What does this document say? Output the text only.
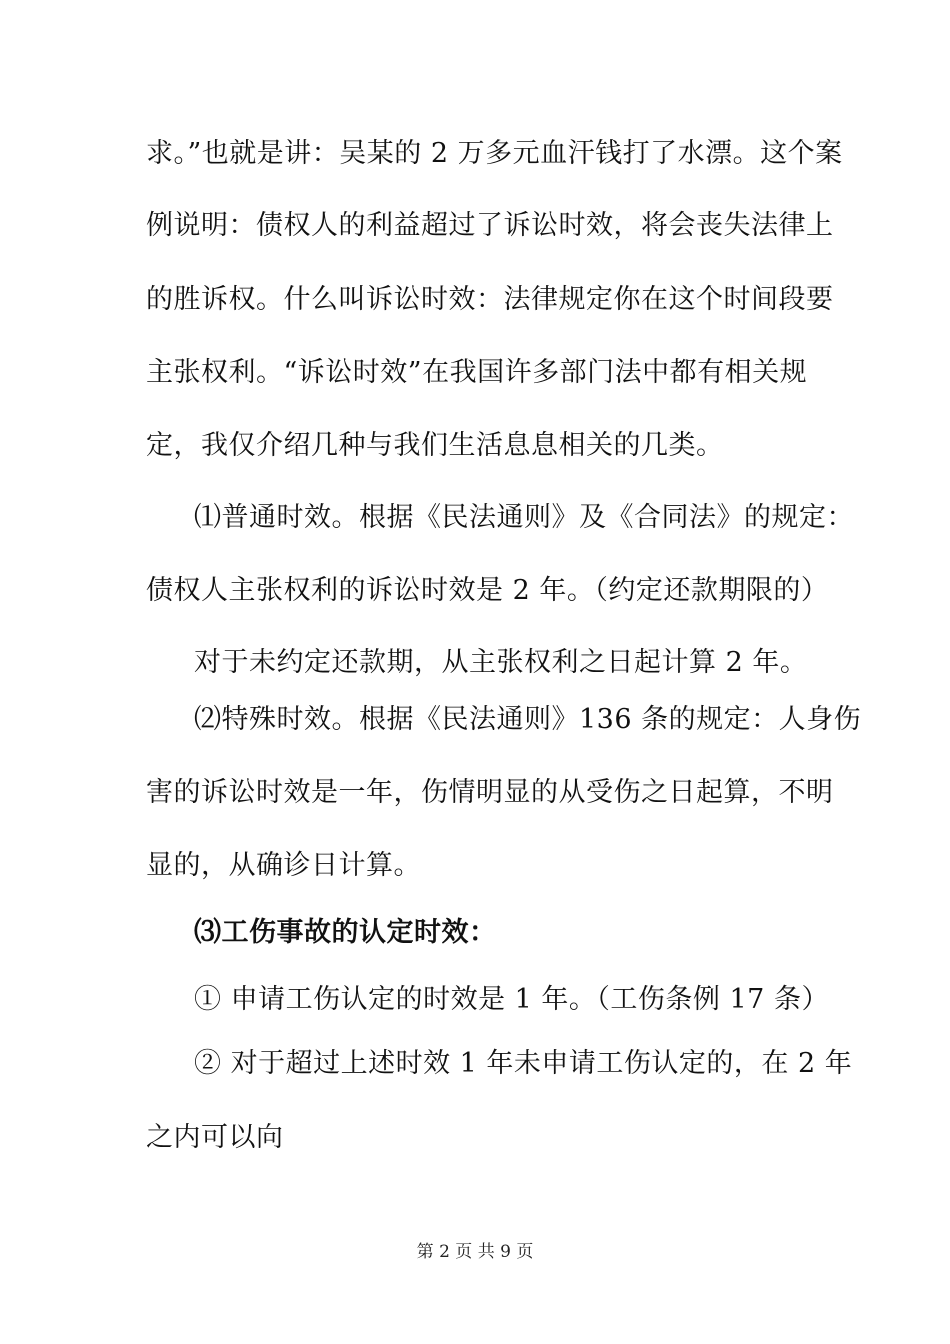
求。”也就是讲：吴某的 2 万多元血汗钱打了水漂。这个案
例说明：债权人的利益超过了诉讼时效，将会丧失法律上
的胜诉权。什么叫诉讼时效：法律规定你在这个时间段要
主张权利。“诉讼时效”在我国许多部门法中都有相关规
定，我仅介绍几种与我们生活息息相关的几类。
⑴普通时效。根据《民法通则》及《合同法》的规定：
债权人主张权利的诉讼时效是 2 年。（约定还款期限的）
对于未约定还款期，从主张权利之日起计算 2 年。
⑵特殊时效。根据《民法通则》136 条的规定：人身伤
害的诉讼时效是一年，伤情明显的从受伤之日起算，不明
显的，从确诊日计算。
⑶工伤事故的认定时效：
① 申请工伤认定的时效是 1 年。（工伤条例 17 条）
② 对于超过上述时效 1 年未申请工伤认定的，在 2 年
之内可以向
第 2 页 共 9 页
